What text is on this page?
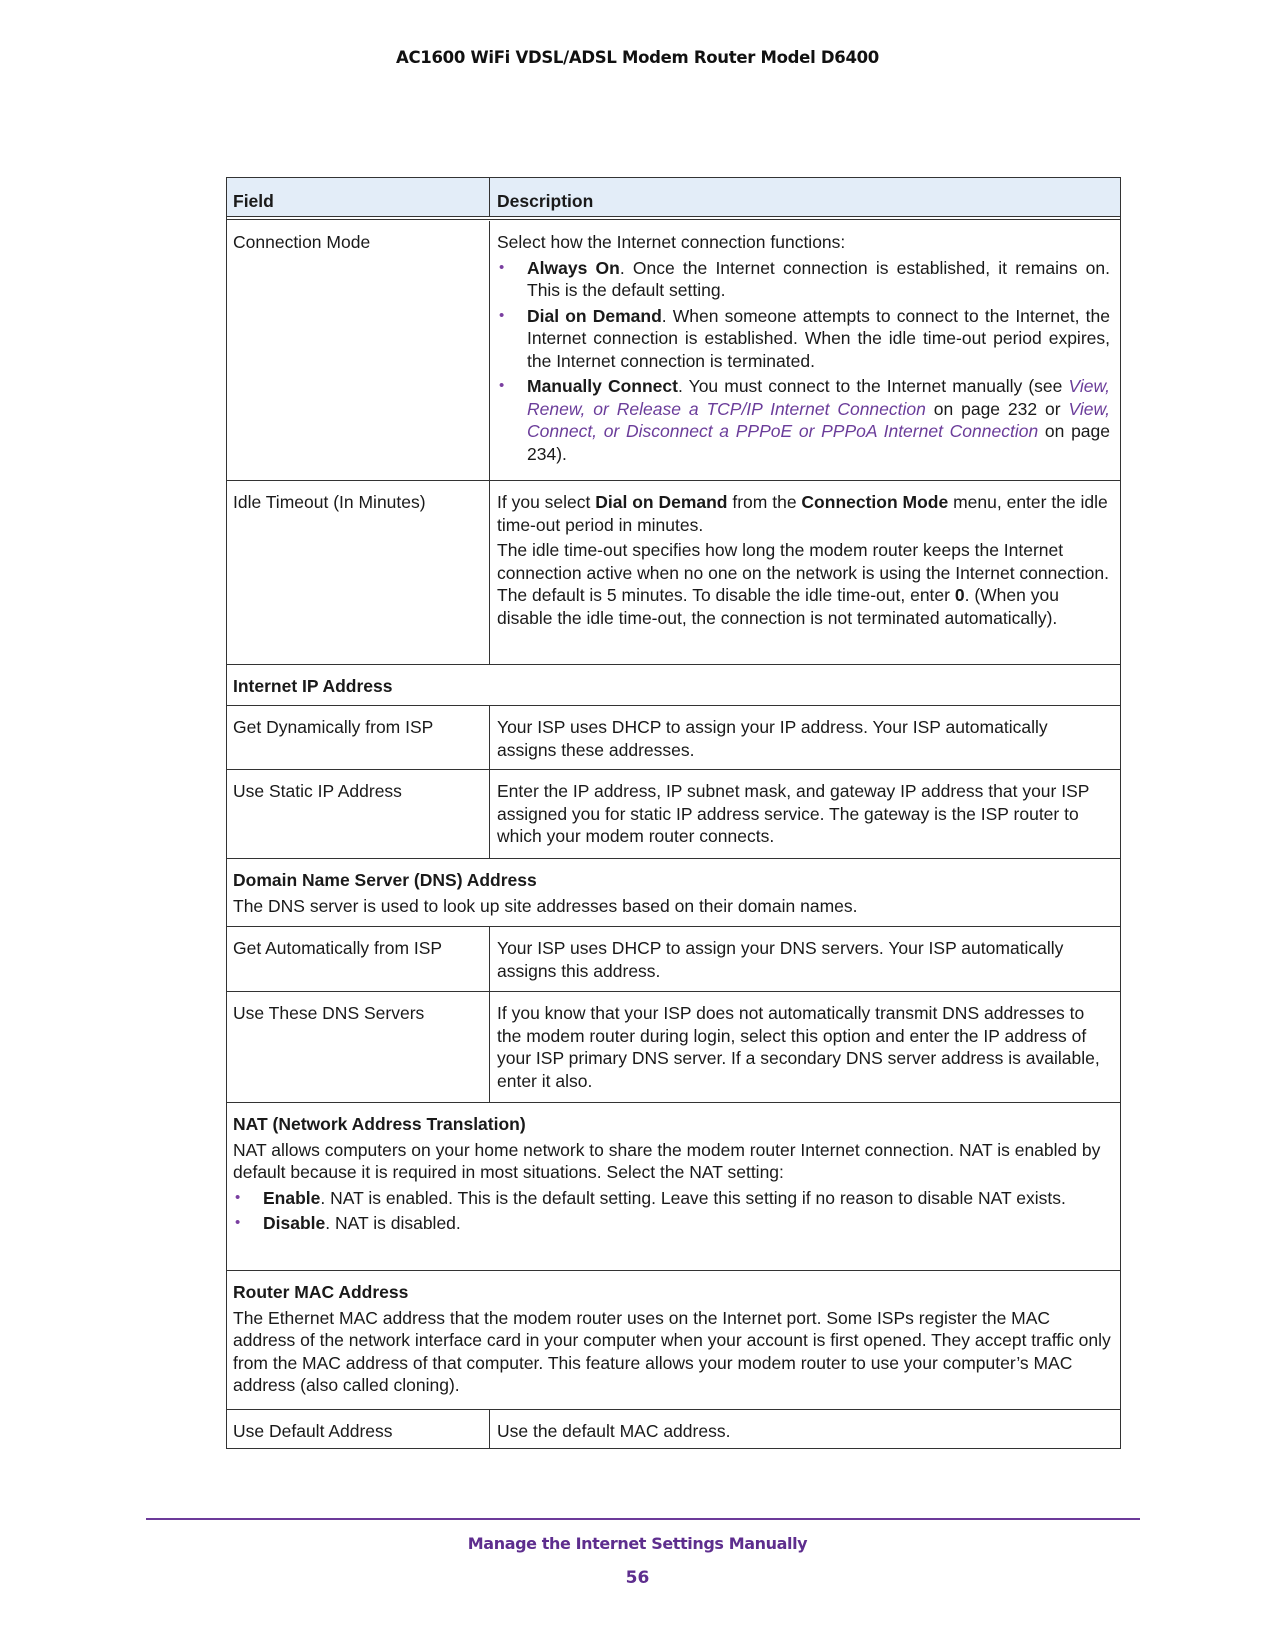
AC1600 WiFi VDSL/ADSL Modem Router Model D6400
Field	Description
Connection Mode	Select how the Internet connection functions:

• Always On. Once the Internet connection is established, it remains on. This is the default setting.
• Dial on Demand. When someone attempts to connect to the Internet, the Internet connection is established. When the idle time-out period expires, the Internet connection is terminated.
• Manually Connect. You must connect to the Internet manually (see View, Renew, or Release a TCP/IP Internet Connection on page 232 or View, Connect, or Disconnect a PPPoE or PPPoA Internet Connection on page 234).
Idle Timeout (In Minutes)	If you select Dial on Demand from the Connection Mode menu, enter the idle time-out period in minutes.

The idle time-out specifies how long the modem router keeps the Internet connection active when no one on the network is using the Internet connection. The default is 5 minutes. To disable the idle time-out, enter 0. (When you disable the idle time-out, the connection is not terminated automatically).

Internet IP Address
Get Dynamically from ISP	Your ISP uses DHCP to assign your IP address. Your ISP automatically assigns these addresses.
Use Static IP Address	Enter the IP address, IP subnet mask, and gateway IP address that your ISP assigned you for static IP address service. The gateway is the ISP router to which your modem router connects.

Domain Name Server (DNS) Address

The DNS server is used to look up site addresses based on their domain names.

Get Automatically from ISP	Your ISP uses DHCP to assign your DNS servers. Your ISP automatically assigns this address.
Use These DNS Servers	If you know that your ISP does not automatically transmit DNS addresses to the modem router during login, select this option and enter the IP address of your ISP primary DNS server. If a secondary DNS server address is available, enter it also.

NAT (Network Address Translation)

NAT allows computers on your home network to share the modem router Internet connection. NAT is enabled by default because it is required in most situations. Select the NAT setting:

• Enable. NAT is enabled. This is the default setting. Leave this setting if no reason to disable NAT exists.
• Disable. NAT is disabled.

Router MAC Address

The Ethernet MAC address that the modem router uses on the Internet port. Some ISPs register the MAC address of the network interface card in your computer when your account is first opened. They accept traffic only from the MAC address of that computer. This feature allows your modem router to use your computer’s MAC address (also called cloning).

Use Default Address	Use the default MAC address.
Manage the Internet Settings Manually
56
